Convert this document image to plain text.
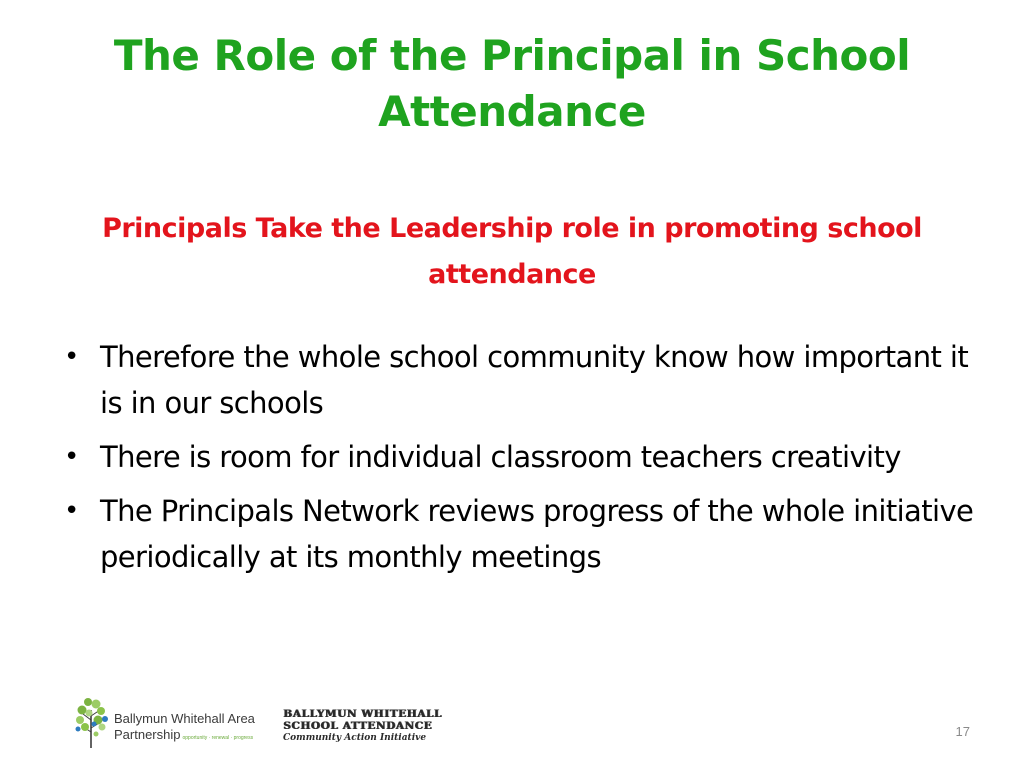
The Role of the Principal in School Attendance
Principals Take the Leadership role in promoting school attendance
• Therefore the whole school community know how important it is in our schools
• There is room for individual classroom teachers creativity
• The Principals Network reviews progress of the whole initiative periodically at its monthly meetings
Ballymun Whitehall Area
Partnership opportunity · renewal · progress
BALLYMUN WHITEHALL
SCHOOL ATTENDANCE
Community Action Initiative	17
